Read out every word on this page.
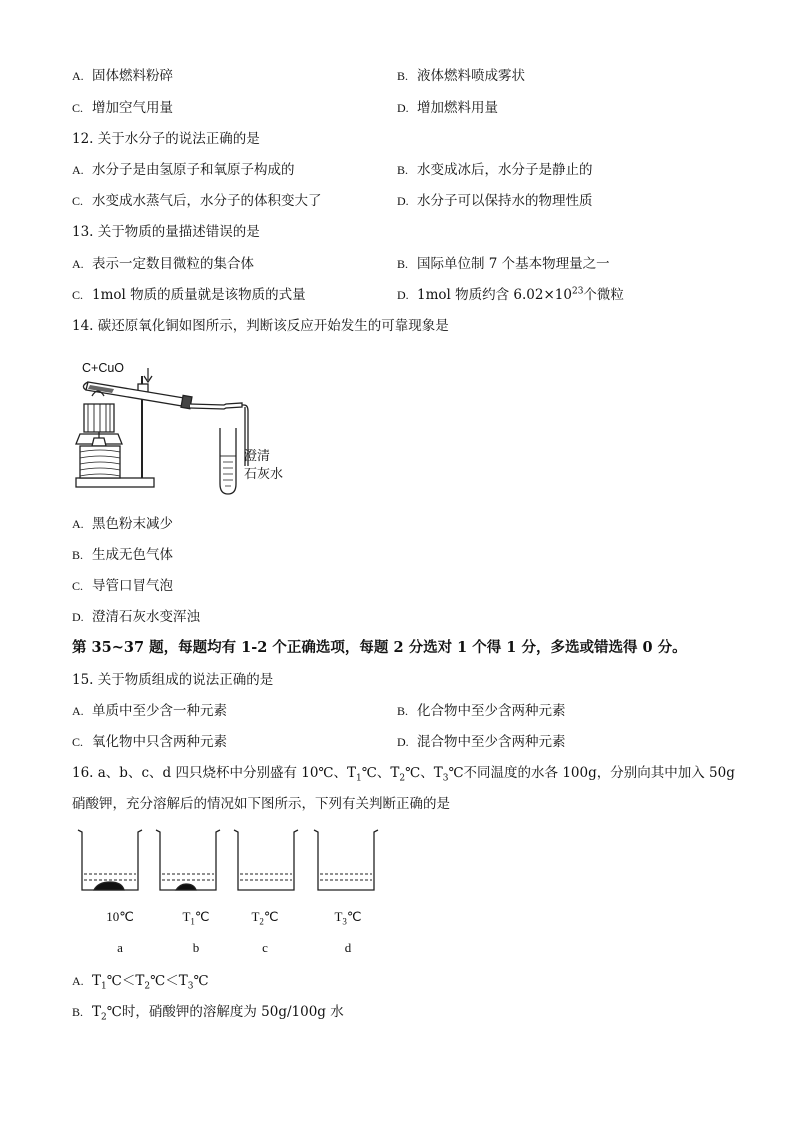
A. 固体燃料粉碎	B. 液体燃料喷成雾状
C. 增加空气用量	D. 增加燃料用量
12. 关于水分子的说法正确的是
A. 水分子是由氢原子和氧原子构成的	B. 水变成冰后，水分子是静止的
C. 水变成水蒸气后，水分子的体积变大了	D. 水分子可以保持水的物理性质
13. 关于物质的量描述错误的是
A. 表示一定数目微粒的集合体	B. 国际单位制 7 个基本物理量之一
C. 1mol 物质的质量就是该物质的式量	D. 1mol 物质约含 $6.02\times 10^{23}$个微粒
14. 碳还原氧化铜如图所示，判断该反应开始发生的可靠现象是
C+CuO
澄清
石灰水
A. 黑色粉末减少
B. 生成无色气体
C. 导管口冒气泡
D. 澄清石灰水变浑浊
第 35~37 题，每题均有 1-2 个正确选项，每题 2 分选对 1 个得 1 分，多选或错选得 0 分。
15. 关于物质组成的说法正确的是
A. 单质中至少含一种元素	B. 化合物中至少含两种元素
C. 氧化物中只含两种元素	D. 混合物中至少含两种元素
16. a、b、c、d 四只烧杯中分别盛有 10℃、$T_1℃$、$T_2℃$、$T_3℃$不同温度的水各 100g，分别向其中加入 50g
硝酸钾，充分溶解后的情况如下图所示，下列有关判断正确的是
10℃	$T_1℃$	$T_2℃$	$T_3℃$
a	b	c	d
A. $T_1℃<T_2℃<T_3℃$
B. $T_2℃$时，硝酸钾的溶解度为 50g/100g 水
